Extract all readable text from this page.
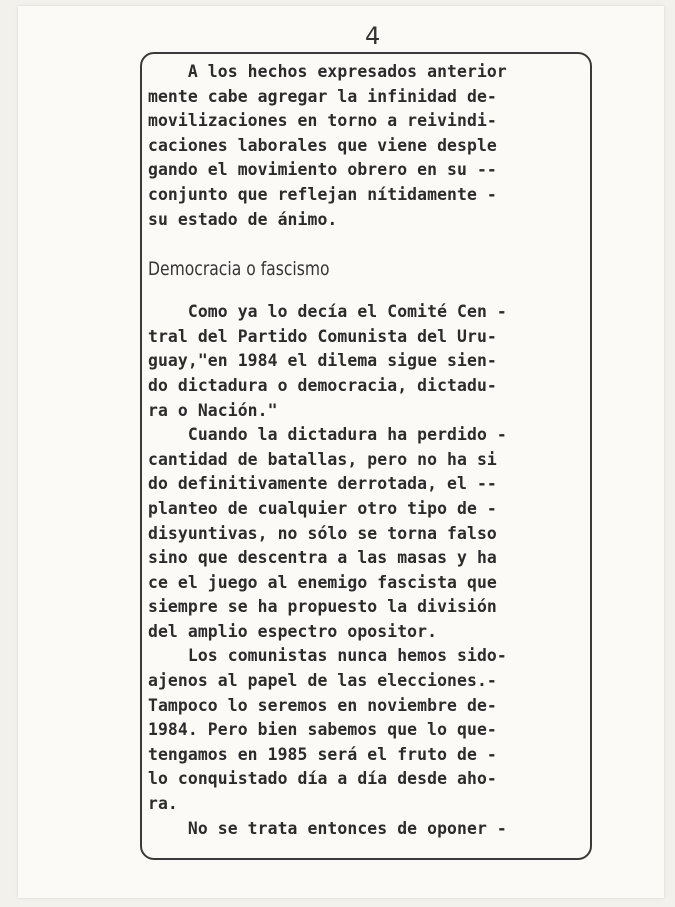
4
A los hechos expresados anterior
mente cabe agregar la infinidad de-
movilizaciones en torno a reivindi-
caciones laborales que viene desple
gando el movimiento obrero en su --
conjunto que reflejan nítidamente -
su estado de ánimo.
Democracia o fascismo
Como ya lo decía el Comité Cen -
tral del Partido Comunista del Uru-
guay,"en 1984 el dilema sigue sien-
do dictadura o democracia, dictadu-
ra o Nación."
Cuando la dictadura ha perdido -
cantidad de batallas, pero no ha si
do definitivamente derrotada, el --
planteo de cualquier otro tipo de -
disyuntivas, no sólo se torna falso
sino que descentra a las masas y ha
ce el juego al enemigo fascista que
siempre se ha propuesto la división
del amplio espectro opositor.
Los comunistas nunca hemos sido-
ajenos al papel de las elecciones.-
Tampoco lo seremos en noviembre de-
1984. Pero bien sabemos que lo que-
tengamos en 1985 será el fruto de -
lo conquistado día a día desde aho-
ra.
No se trata entonces de oponer -
